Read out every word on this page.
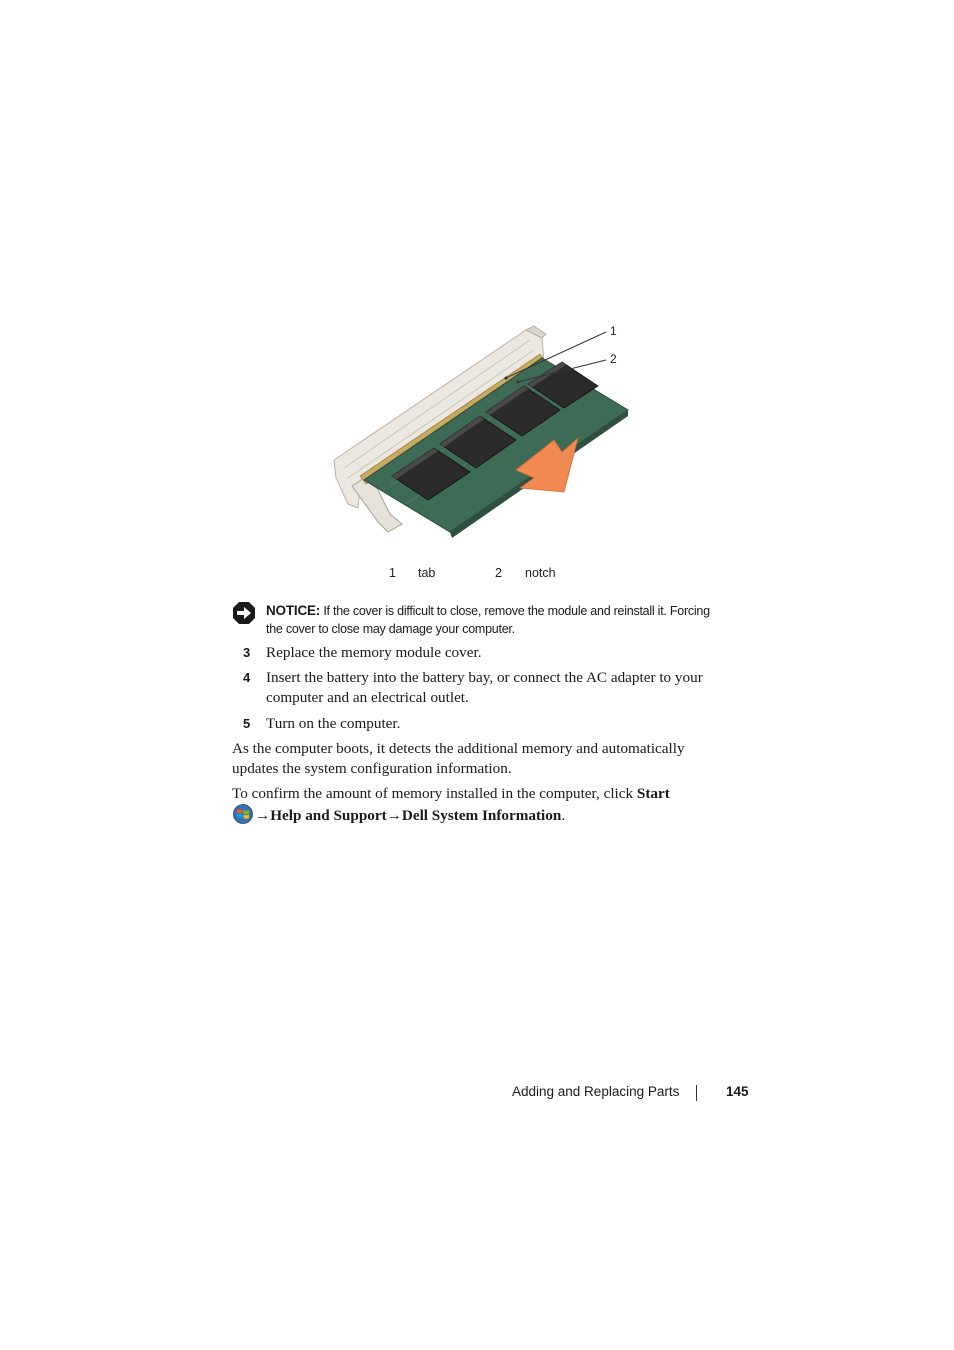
1
2
1 tab	2 notch
NOTICE: If the cover is difficult to close, remove the module and reinstall it. Forcing
the cover to close may damage your computer.
3 Replace the memory module cover.
4 Insert the battery into the battery bay, or connect the AC adapter to your
computer and an electrical outlet.
5 Turn on the computer.
As the computer boots, it detects the additional memory and automatically
updates the system configuration information.
To confirm the amount of memory installed in the computer, click Start
→Help and Support→Dell System Information.
Adding and Replacing Parts	145
